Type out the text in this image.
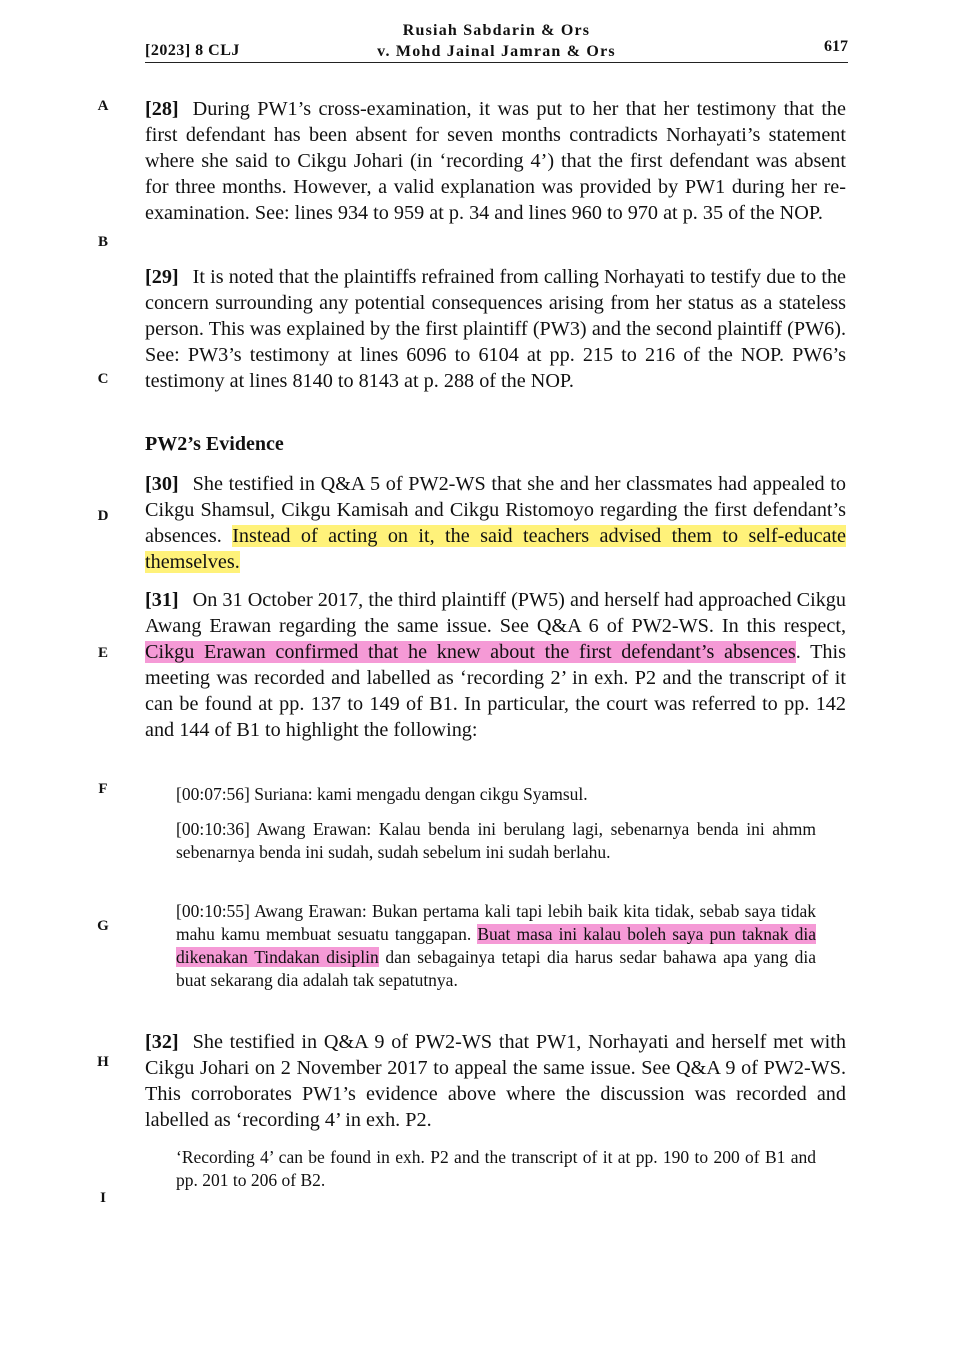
Rusiah Sabdarin & Ors
v. Mohd Jainal Jamran & Ors
[2023] 8 CLJ	617
A
B
C
D
E
F
G
H
I
[28] During PW1’s cross-examination, it was put to her that her testimony that the first defendant has been absent for seven months contradicts Norhayati’s statement where she said to Cikgu Johari (in ‘recording 4’) that the first defendant was absent for three months. However, a valid explanation was provided by PW1 during her re-examination. See: lines 934 to 959 at p. 34 and lines 960 to 970 at p. 35 of the NOP.
[29] It is noted that the plaintiffs refrained from calling Norhayati to testify due to the concern surrounding any potential consequences arising from her status as a stateless person. This was explained by the first plaintiff (PW3) and the second plaintiff (PW6). See: PW3’s testimony at lines 6096 to 6104 at pp. 215 to 216 of the NOP. PW6’s testimony at lines 8140 to 8143 at p. 288 of the NOP.
PW2’s Evidence
[30] She testified in Q&A 5 of PW2-WS that she and her classmates had appealed to Cikgu Shamsul, Cikgu Kamisah and Cikgu Ristomoyo regarding the first defendant’s absences. Instead of acting on it, the said teachers advised them to self-educate themselves.
[31] On 31 October 2017, the third plaintiff (PW5) and herself had approached Cikgu Awang Erawan regarding the same issue. See Q&A 6 of PW2-WS. In this respect, Cikgu Erawan confirmed that he knew about the first defendant’s absences. This meeting was recorded and labelled as ‘recording 2’ in exh. P2 and the transcript of it can be found at pp. 137 to 149 of B1. In particular, the court was referred to pp. 142 and 144 of B1 to highlight the following:
[00:07:56] Suriana: kami mengadu dengan cikgu Syamsul.
[00:10:36] Awang Erawan: Kalau benda ini berulang lagi, sebenarnya benda ini ahmm sebenarnya benda ini sudah, sudah sebelum ini sudah berlahu.
[00:10:55] Awang Erawan: Bukan pertama kali tapi lebih baik kita tidak, sebab saya tidak mahu kamu membuat sesuatu tanggapan. Buat masa ini kalau boleh saya pun taknak dia dikenakan Tindakan disiplin dan sebagainya tetapi dia harus sedar bahawa apa yang dia buat sekarang dia adalah tak sepatutnya.
[32] She testified in Q&A 9 of PW2-WS that PW1, Norhayati and herself met with Cikgu Johari on 2 November 2017 to appeal the same issue. See Q&A 9 of PW2-WS. This corroborates PW1’s evidence above where the discussion was recorded and labelled as ‘recording 4’ in exh. P2.
‘Recording 4’ can be found in exh. P2 and the transcript of it at pp. 190 to 200 of B1 and pp. 201 to 206 of B2.
